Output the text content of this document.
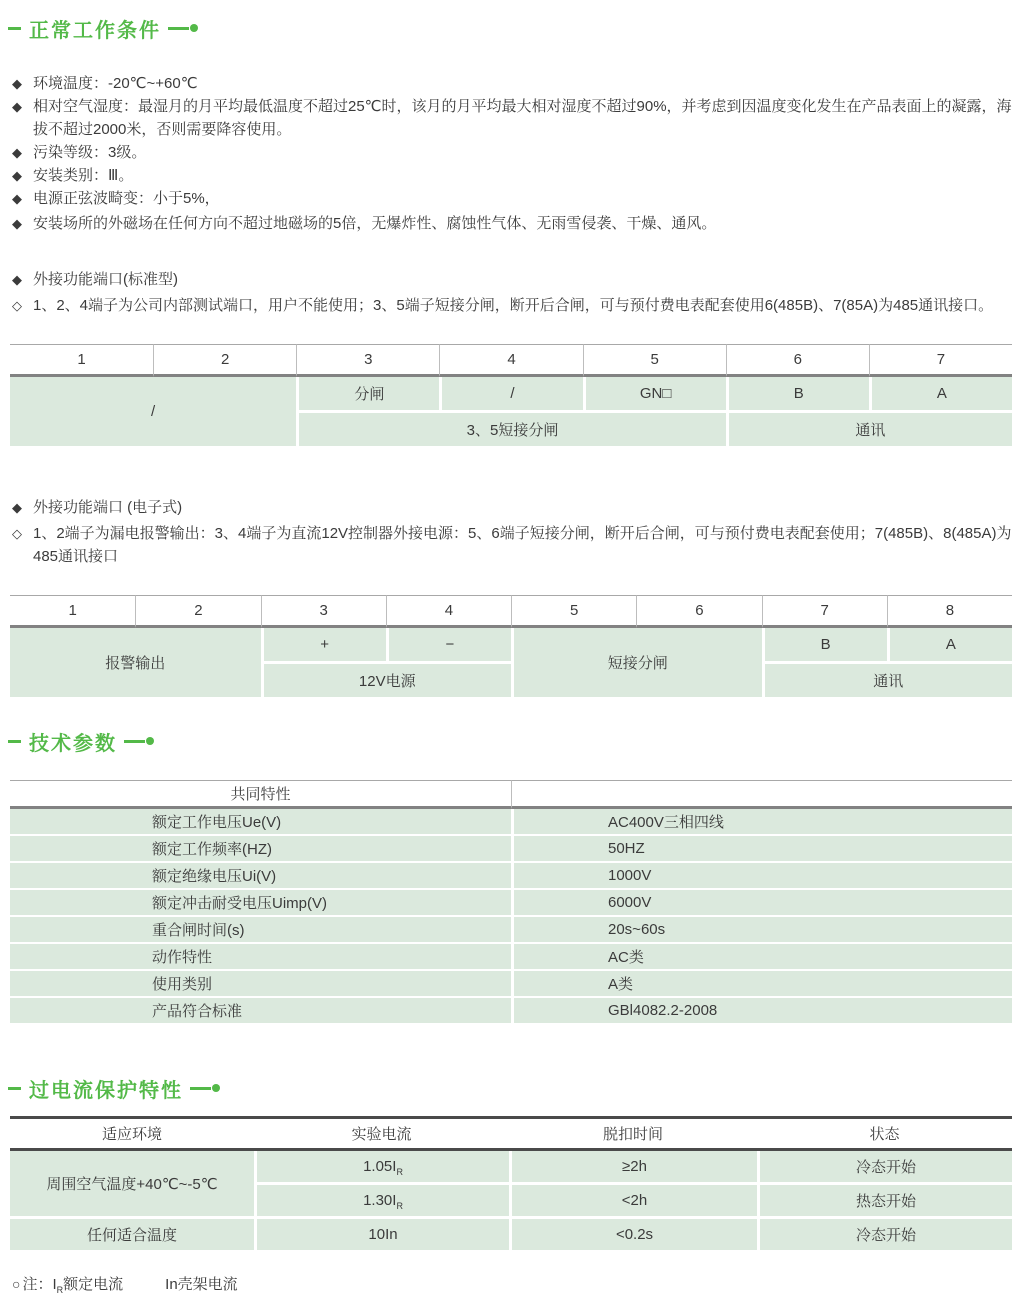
正常工作条件
◆ 环境温度：-20℃~+60℃
◆ 相对空气湿度：最湿月的月平均最低温度不超过25℃时，该月的月平均最大相对湿度不超过90%，并考虑到因温度变化发生在产品表面上的凝露，海拔不超过2000米，否则需要降容使用。
◆ 污染等级：3级。
◆ 安装类别：Ⅲ。
◆ 电源正弦波畸变：小于5%，
◆ 安装场所的外磁场在任何方向不超过地磁场的5倍，无爆炸性、腐蚀性气体、无雨雪侵袭、干燥、通风。
◆ 外接功能端口(标准型)
◇ 1、2、4端子为公司内部测试端口，用户不能使用；3、5端子短接分闸，断开后合闸，可与预付费电表配套使用6(485B)、7(85A)为485通讯接口。
1	2	3	4	5	6	7
/		分闸	/	GN□	B	A
		3、5短接分闸			通讯	
◆ 外接功能端口 (电子式)
◇ 1、2端子为漏电报警输出：3、4端子为直流12V控制器外接电源：5、6端子短接分闸，断开后合闸，可与预付费电表配套使用；7(485B)、8(485A)为485通讯接口
1	2	3	4	5	6	7	8
报警输出		+	−	短接分闸		B	A
		12V电源				通讯	
技术参数
共同特性	
额定工作电压Ue(V)	AC400V三相四线
额定工作频率(HZ)	50HZ
额定绝缘电压Ui(V)	1000V
额定冲击耐受电压Uimp(V)	6000V
重合闸时间(s)	20s~60s
动作特性	AC类
使用类别	A类
产品符合标准	GBl4082.2-2008
过电流保护特性
适应环境	实验电流	脱扣时间	状态
周围空气温度+40℃~-5℃	$1.05I_R$	≥2h	冷态开始
	$1.30I_R$	<2h	热态开始
任何适合温度	10In	<0.2s	冷态开始
○ 注： $I_R$额定电流	In壳架电流
